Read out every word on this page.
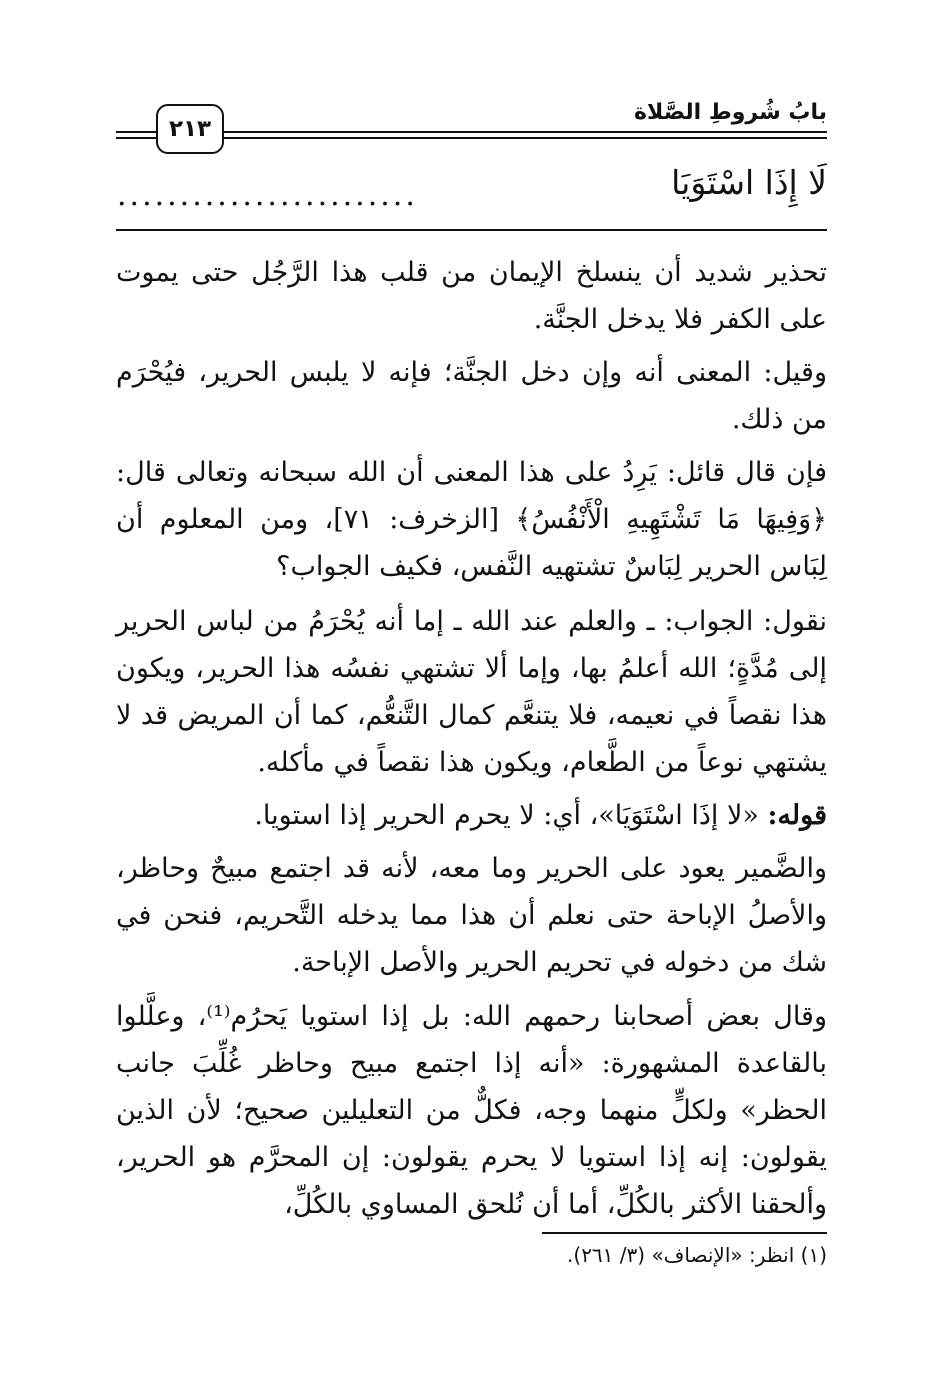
بابُ شُروطِ الصَّلاة
٢١٣
لَا إِذَا اسْتَوَيَا
........................

تحذير شديد أن ينسلخ الإيمان من قلب هذا الرَّجُل حتى يموت على الكفر فلا يدخل الجنَّة.

وقيل: المعنى أنه وإن دخل الجنَّة؛ فإنه لا يلبس الحرير، فيُحْرَم من ذلك.

فإن قال قائل: يَرِدُ على هذا المعنى أن الله سبحانه وتعالى قال: ﴿وَفِيهَا مَا تَشْتَهِيهِ الْأَنْفُسُ﴾ [الزخرف: ٧١]، ومن المعلوم أن لِبَاس الحرير لِبَاسٌ تشتهيه النَّفس، فكيف الجواب؟

نقول: الجواب: ـ والعلم عند الله ـ إما أنه يُحْرَمُ من لباس الحرير إلى مُدَّةٍ؛ الله أعلمُ بها، وإما ألا تشتهي نفسُه هذا الحرير، ويكون هذا نقصاً في نعيمه، فلا يتنعَّم كمال التَّنعُّم، كما أن المريض قد لا يشتهي نوعاً من الطَّعام، ويكون هذا نقصاً في مأكله.

قوله: «لا إذَا اسْتَوَيَا»، أي: لا يحرم الحرير إذا استويا.

والضَّمير يعود على الحرير وما معه، لأنه قد اجتمع مبيحٌ وحاظر، والأصلُ الإباحة حتى نعلم أن هذا مما يدخله التَّحريم، فنحن في شك من دخوله في تحريم الحرير والأصل الإباحة.

وقال بعض أصحابنا رحمهم الله: بل إذا استويا يَحرُم⁽¹⁾، وعلَّلوا بالقاعدة المشهورة: «أنه إذا اجتمع مبيح وحاظر غُلِّبَ جانب الحظر» ولكلٍّ منهما وجه، فكلٌّ من التعليلين صحيح؛ لأن الذين يقولون: إنه إذا استويا لا يحرم يقولون: إن المحرَّم هو الحرير، وألحقنا الأكثر بالكُلِّ، أما أن نُلحق المساوي بالكُلِّ،

(١) انظر: «الإنصاف» (٣/ ٢٦١).
